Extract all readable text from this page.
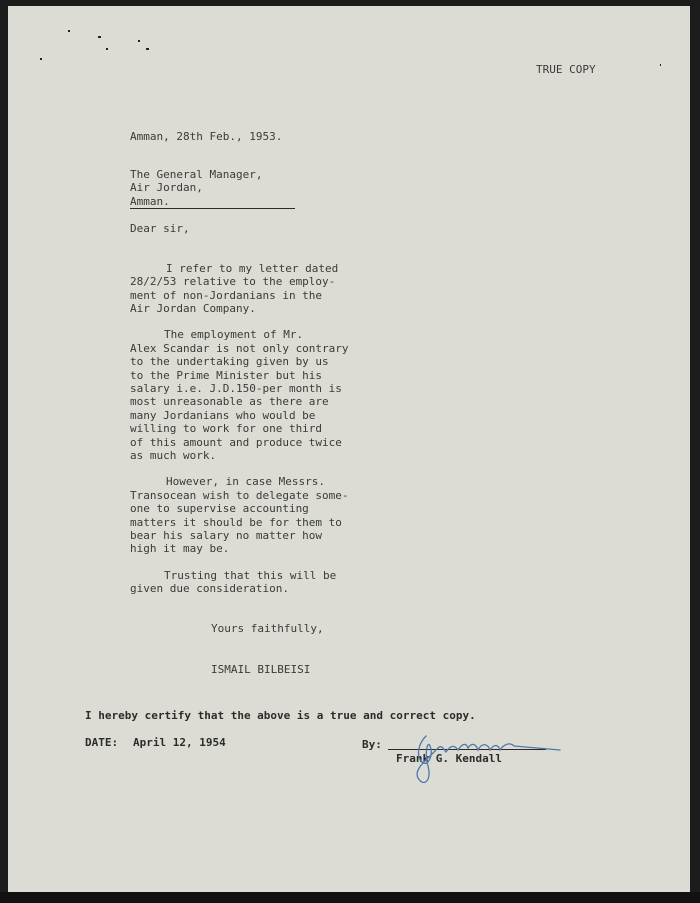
TRUE COPY
Amman, 28th Feb., 1953.
The General Manager,
Air Jordan,
Amman.
Dear sir,
I refer to my letter dated
28/2/53 relative to the employ-
ment of non-Jordanians in the
Air Jordan Company.
The employment of Mr.
Alex Scandar is not only contrary
to the undertaking given by us
to the Prime Minister but his
salary i.e. J.D.150-per month is
most unreasonable as there are
many Jordanians who would be
willing to work for one third
of this amount and produce twice
as much work.
However, in case Messrs.
Transocean wish to delegate some-
one to supervise accounting
matters it should be for them to
bear his salary no matter how
high it may be.
Trusting that this will be
given due consideration.
Yours faithfully,
ISMAIL BILBEISI
I hereby certify that the above is a true and correct copy.
DATE: April 12, 1954	By:
Frank G. Kendall
